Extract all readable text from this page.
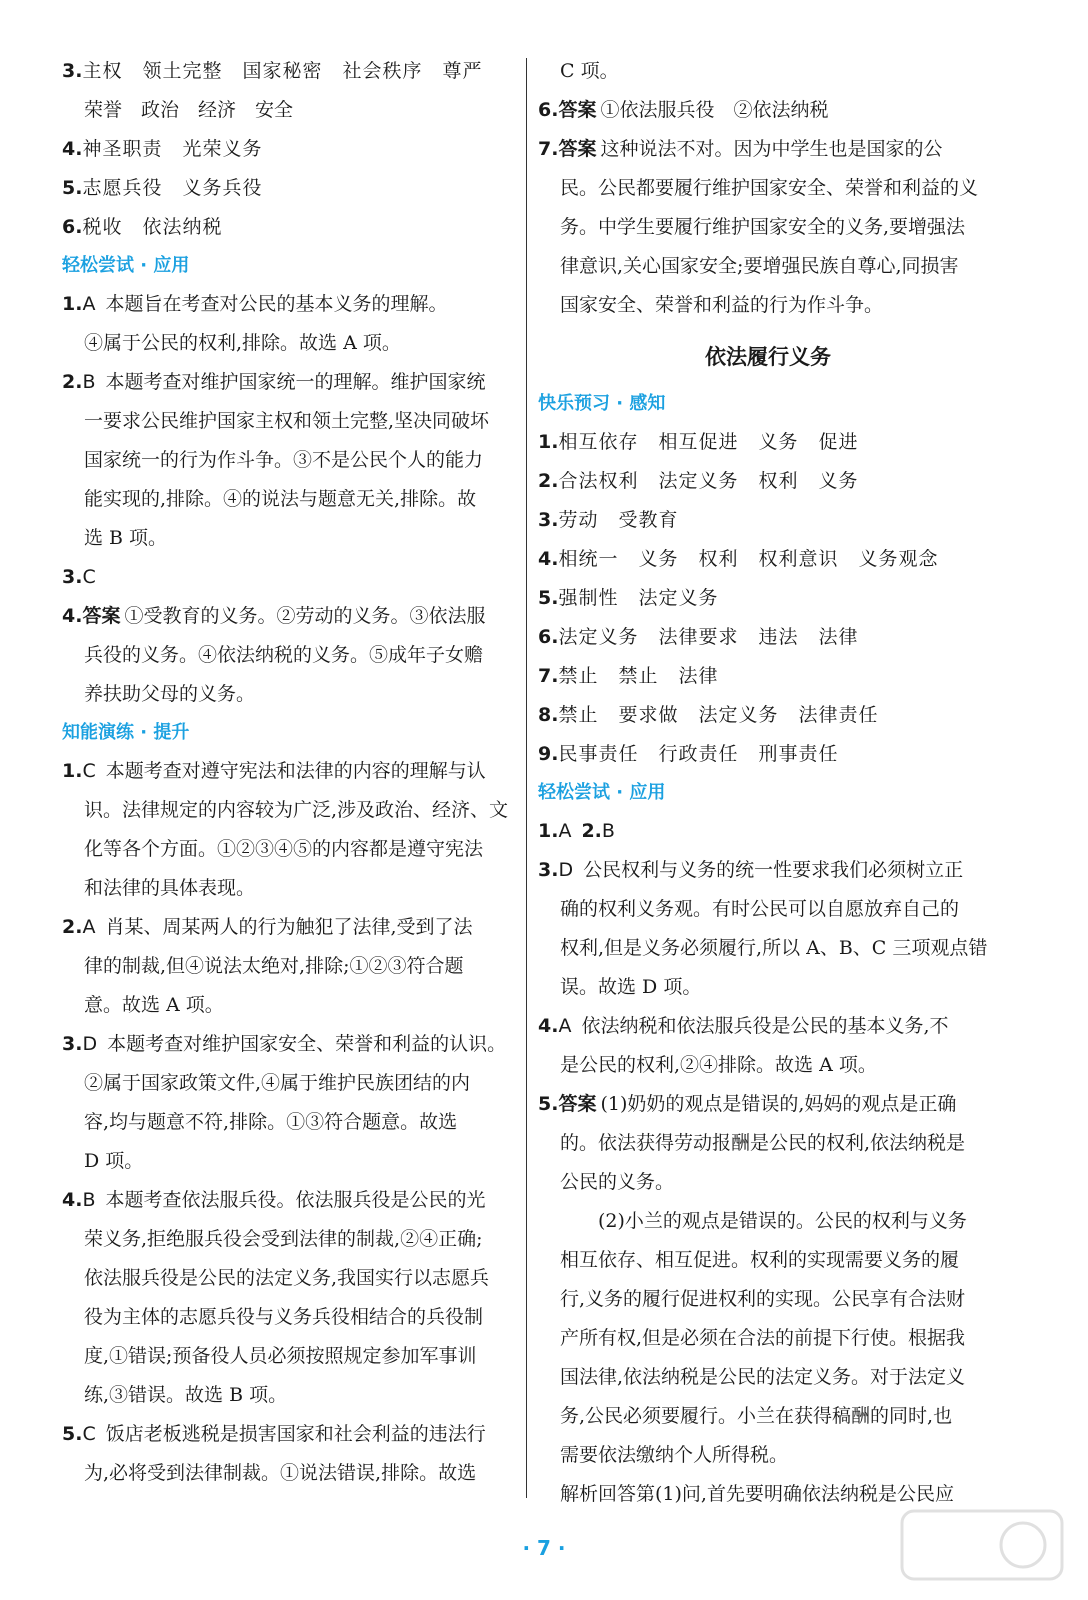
3.主权　领土完整　国家秘密　社会秩序　尊严

荣誉　政治　经济　安全

4.神圣职责　光荣义务

5.志愿兵役　义务兵役

6.税收　依法纳税

轻松尝试 · 应用

1.A 本题旨在考查对公民的基本义务的理解。

④属于公民的权利,排除。故选 A 项。

2.B 本题考查对维护国家统一的理解。维护国家统

一要求公民维护国家主权和领土完整,坚决同破坏

国家统一的行为作斗争。③不是公民个人的能力

能实现的,排除。④的说法与题意无关,排除。故

选 B 项。

3.C

4.答案 ①受教育的义务。②劳动的义务。③依法服

兵役的义务。④依法纳税的义务。⑤成年子女赡

养扶助父母的义务。

知能演练 · 提升

1.C 本题考查对遵守宪法和法律的内容的理解与认

识。法律规定的内容较为广泛,涉及政治、经济、文

化等各个方面。①②③④⑤的内容都是遵守宪法

和法律的具体表现。

2.A 肖某、周某两人的行为触犯了法律,受到了法

律的制裁,但④说法太绝对,排除;①②③符合题

意。故选 A 项。

3.D 本题考查对维护国家安全、荣誉和利益的认识。

②属于国家政策文件,④属于维护民族团结的内

容,均与题意不符,排除。①③符合题意。故选

D 项。

4.B 本题考查依法服兵役。依法服兵役是公民的光

荣义务,拒绝服兵役会受到法律的制裁,②④正确;

依法服兵役是公民的法定义务,我国实行以志愿兵

役为主体的志愿兵役与义务兵役相结合的兵役制

度,①错误;预备役人员必须按照规定参加军事训

练,③错误。故选 B 项。

5.C 饭店老板逃税是损害国家和社会利益的违法行

为,必将受到法律制裁。①说法错误,排除。故选

C 项。

6.答案 ①依法服兵役　②依法纳税

7.答案 这种说法不对。因为中学生也是国家的公

民。公民都要履行维护国家安全、荣誉和利益的义

务。中学生要履行维护国家安全的义务,要增强法

律意识,关心国家安全;要增强民族自尊心,同损害

国家安全、荣誉和利益的行为作斗争。

依法履行义务

快乐预习 · 感知

1.相互依存　相互促进　义务　促进

2.合法权利　法定义务　权利　义务

3.劳动　受教育

4.相统一　义务　权利　权利意识　义务观念

5.强制性　法定义务

6.法定义务　法律要求　违法　法律

7.禁止　禁止　法律

8.禁止　要求做　法定义务　法律责任

9.民事责任　行政责任　刑事责任

轻松尝试 · 应用

1.A 2.B

3.D 公民权利与义务的统一性要求我们必须树立正

确的权利义务观。有时公民可以自愿放弃自己的

权利,但是义务必须履行,所以 A、B、C 三项观点错

误。故选 D 项。

4.A 依法纳税和依法服兵役是公民的基本义务,不

是公民的权利,②④排除。故选 A 项。

5.答案 (1)奶奶的观点是错误的,妈妈的观点是正确

的。依法获得劳动报酬是公民的权利,依法纳税是

公民的义务。

(2)小兰的观点是错误的。公民的权利与义务

相互依存、相互促进。权利的实现需要义务的履

行,义务的履行促进权利的实现。公民享有合法财

产所有权,但是必须在合法的前提下行使。根据我

国法律,依法纳税是公民的法定义务。对于法定义

务,公民必须要履行。小兰在获得稿酬的同时,也

需要依法缴纳个人所得税。

解析回答第(1)问,首先要明确依法纳税是公民应

· 7 ·
